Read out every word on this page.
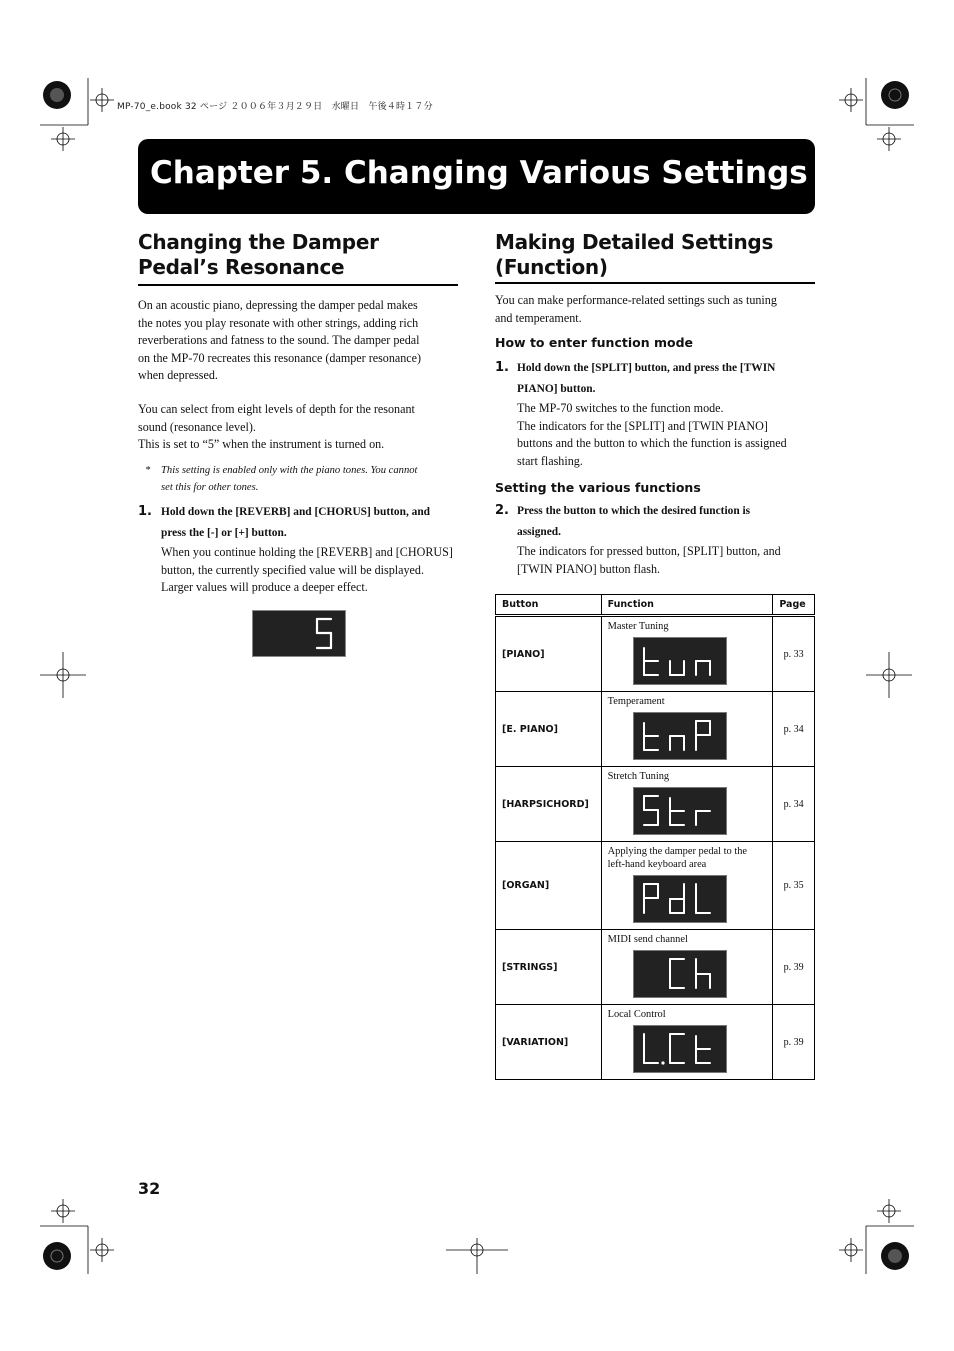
MP-70_e.book 32 ページ ２００６年３月２９日　水曜日　午後４時１７分
Chapter 5. Changing Various Settings
Changing the Damper
Pedal’s Resonance
On an acoustic piano, depressing the damper pedal makes
the notes you play resonate with other strings, adding rich
reverberations and fatness to the sound. The damper pedal
on the MP-70 recreates this resonance (damper resonance)
when depressed.
You can select from eight levels of depth for the resonant
sound (resonance level).
This is set to “5” when the instrument is turned on.
* This setting is enabled only with the piano tones. You cannot
set this for other tones.
1. Hold down the [REVERB] and [CHORUS] button, and
press the [-] or [+] button.
When you continue holding the [REVERB] and [CHORUS]
button, the currently specified value will be displayed.
Larger values will produce a deeper effect.
Making Detailed Settings
(Function)
You can make performance-related settings such as tuning
and temperament.
How to enter function mode
1. Hold down the [SPLIT] button, and press the [TWIN
PIANO] button.
The MP-70 switches to the function mode.
The indicators for the [SPLIT] and [TWIN PIANO]
buttons and the button to which the function is assigned
start flashing.
Setting the various functions
2. Press the button to which the desired function is
assigned.
The indicators for pressed button, [SPLIT] button, and
[TWIN PIANO] button flash.
Button	Function	Page
[PIANO]	Master Tuning	p. 33
[E. PIANO]	Temperament	p. 34
[HARPSICHORD]	Stretch Tuning	p. 34
[ORGAN]	Applying the damper pedal to the left-hand keyboard area	p. 35
[STRINGS]	MIDI send channel	p. 39
[VARIATION]	Local Control	p. 39
32
